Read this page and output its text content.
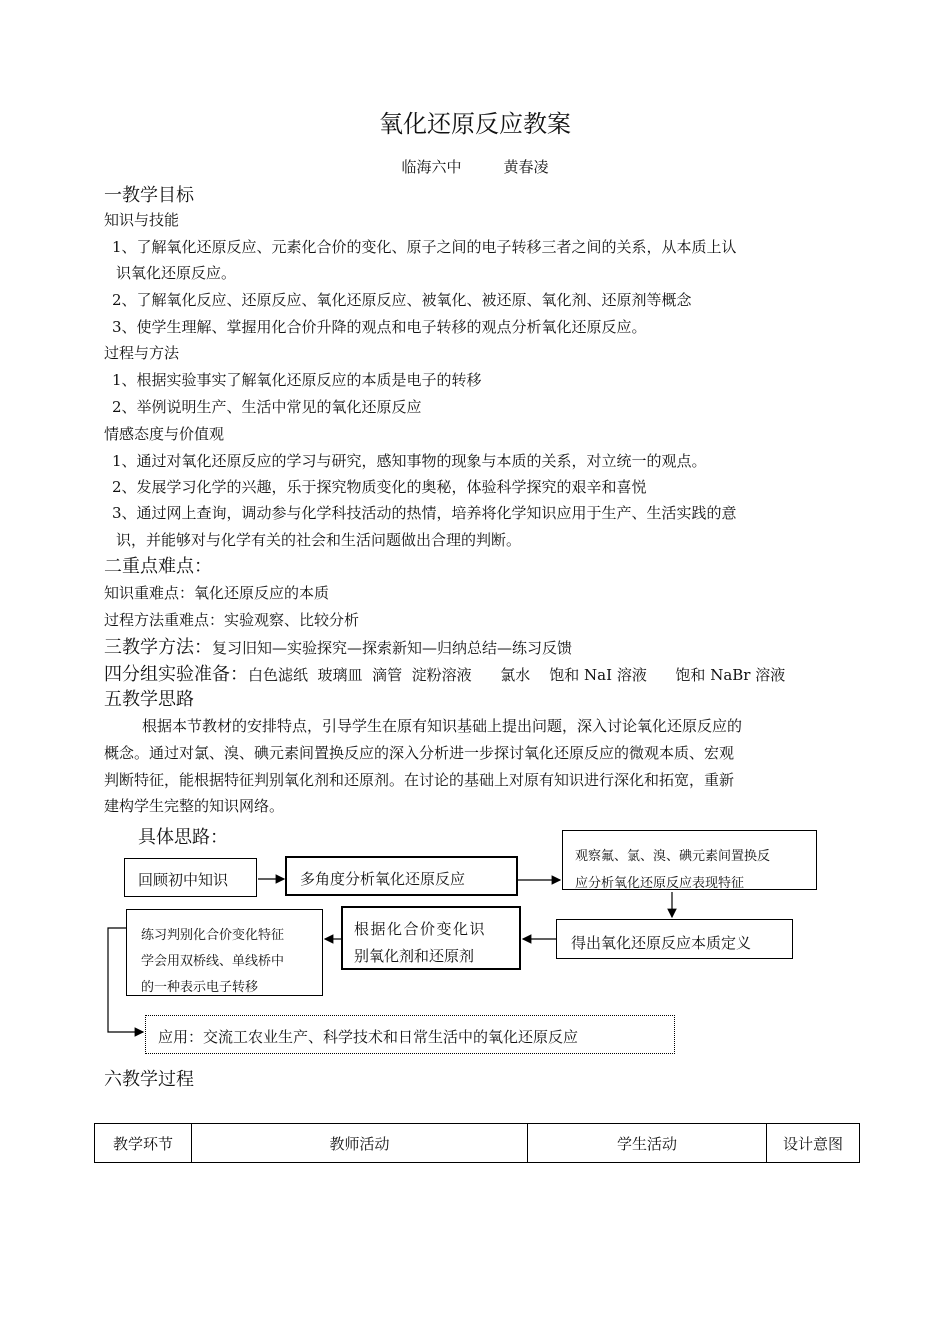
氧化还原反应教案
临海六中	黄春凌
一教学目标
知识与技能
1、了解氧化还原反应、元素化合价的变化、原子之间的电子转移三者之间的关系，从本质上认
识氧化还原反应。
2、了解氧化反应、还原反应、氧化还原反应、被氧化、被还原、氧化剂、还原剂等概念
3、使学生理解、掌握用化合价升降的观点和电子转移的观点分析氧化还原反应。
过程与方法
1、根据实验事实了解氧化还原反应的本质是电子的转移
2、举例说明生产、生活中常见的氧化还原反应
情感态度与价值观
1、通过对氧化还原反应的学习与研究，感知事物的现象与本质的关系，对立统一的观点。
2、发展学习化学的兴趣，乐于探究物质变化的奥秘，体验科学探究的艰辛和喜悦
3、通过网上查询，调动参与化学科技活动的热情，培养将化学知识应用于生产、生活实践的意
识，并能够对与化学有关的社会和生活问题做出合理的判断。
二重点难点：
知识重难点：氧化还原反应的本质
过程方法重难点：实验观察、比较分析
三教学方法：复习旧知—实验探究—探索新知—归纳总结—练习反馈
四分组实验准备：白色滤纸  玻璃皿  滴管  淀粉溶液      氯水    饱和 NaI 溶液      饱和 NaBr 溶液
五教学思路
根据本节教材的安排特点，引导学生在原有知识基础上提出问题，深入讨论氧化还原反应的
概念。通过对氯、溴、碘元素间置换反应的深入分析进一步探讨氧化还原反应的微观本质、宏观
判断特征，能根据特征判别氧化剂和还原剂。在讨论的基础上对原有知识进行深化和拓宽，重新
建构学生完整的知识网络。
具体思路：
回顾初中知识	多角度分析氧化还原反应
观察氟、氯、溴、碘元素间置换反
应分析氧化还原反应表现特征
得出氧化还原反应本质定义
根据化合价变化识
别氧化剂和还原剂
练习判别化合价变化特征
学会用双桥线、单线桥中
的一种表示电子转移
应用：交流工农业生产、科学技术和日常生活中的氧化还原反应
六教学过程
教学环节	教师活动	学生活动	设计意图
